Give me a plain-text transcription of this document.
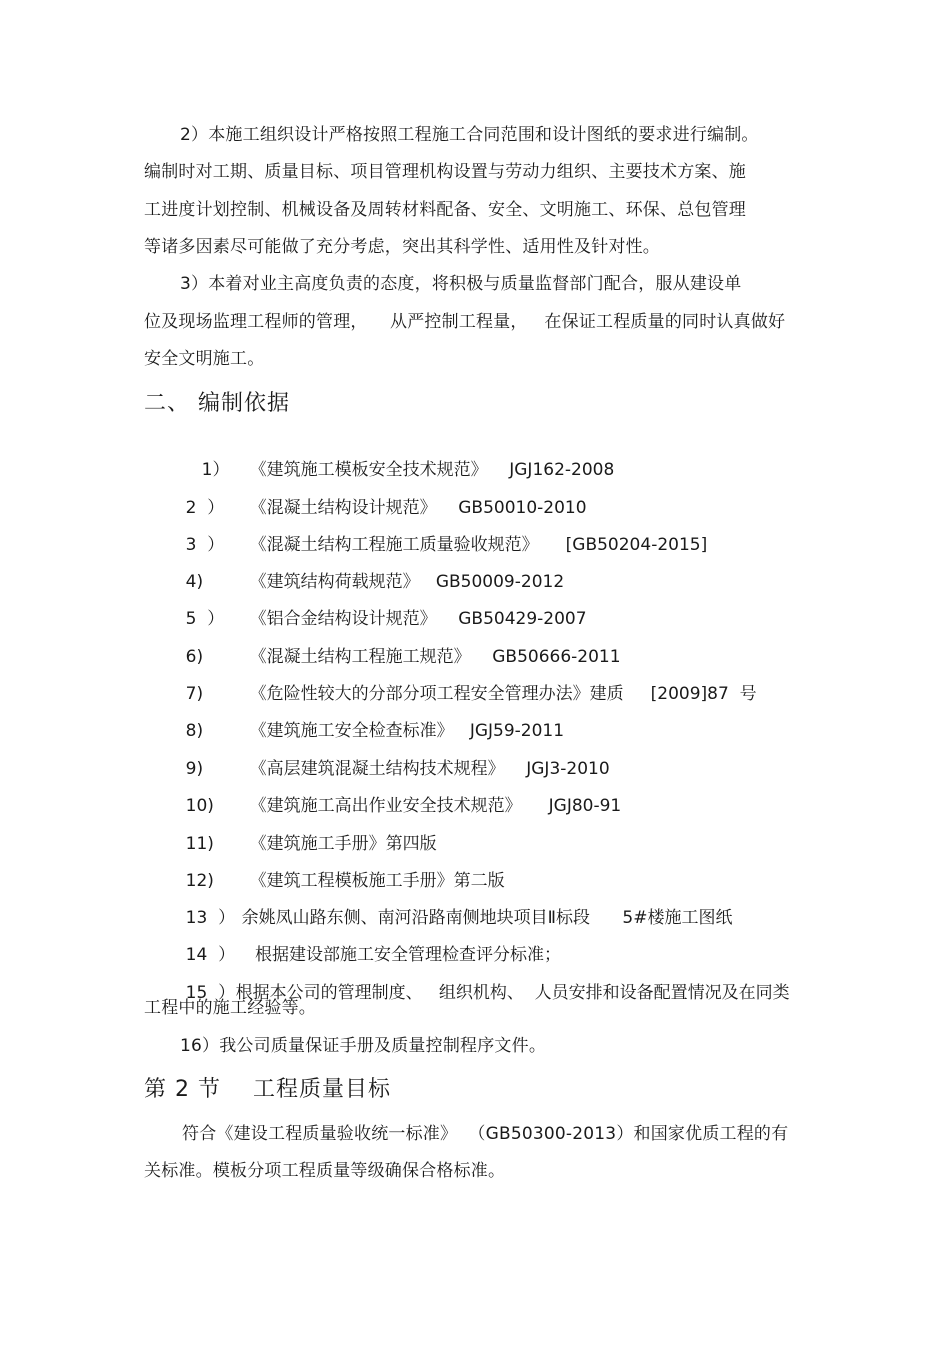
2）本施工组织设计严格按照工程施工合同范围和设计图纸的要求进行编制。
编制时对工期、质量目标、项目管理机构设置与劳动力组织、主要技术方案、施
工进度计划控制、机械设备及周转材料配备、安全、文明施工、环保、总包管理
等诸多因素尽可能做了充分考虑，突出其科学性、适用性及针对性。
3）本着对业主高度负责的态度，将积极与质量监督部门配合，服从建设单
位及现场监理工程师的管理，    从严控制工程量，   在保证工程质量的同时认真做好
安全文明施工。
二、 编制依据

1） 《建筑施工模板安全技术规范》    JGJ162-2008

2  ） 《混凝土结构设计规范》    GB50010-2010

3  ） 《混凝土结构工程施工质量验收规范》     [GB50204-2015]

4)	《建筑结构荷载规范》   GB50009-2012

5  ） 《铝合金结构设计规范》    GB50429-2007

6)	《混凝土结构工程施工规范》    GB50666-2011

7)	《危险性较大的分部分项工程安全管理办法》建质     [2009]87  号

8)	《建筑施工安全检查标准》   JGJ59-2011

9)	《高层建筑混凝土结构技术规程》    JGJ3-2010

10) 《建筑施工高出作业安全技术规范》     JGJ80-91

11) 《建筑施工手册》第四版

12) 《建筑工程模板施工手册》第二版

13  ） 余姚凤山路东侧、南河沿路南侧地块项目Ⅱ标段      5#楼施工图纸

14  ） 根据建设部施工安全管理检查评分标准；

15  ）根据本公司的管理制度、   组织机构、  人员安排和设备配置情况及在同类

工程中的施工经验等。
16）我公司质量保证手册及质量控制程序文件。
第 2 节    工程质量目标
符合《建设工程质量验收统一标准》  （GB50300-2013）和国家优质工程的有
关标准。模板分项工程质量等级确保合格标准。
